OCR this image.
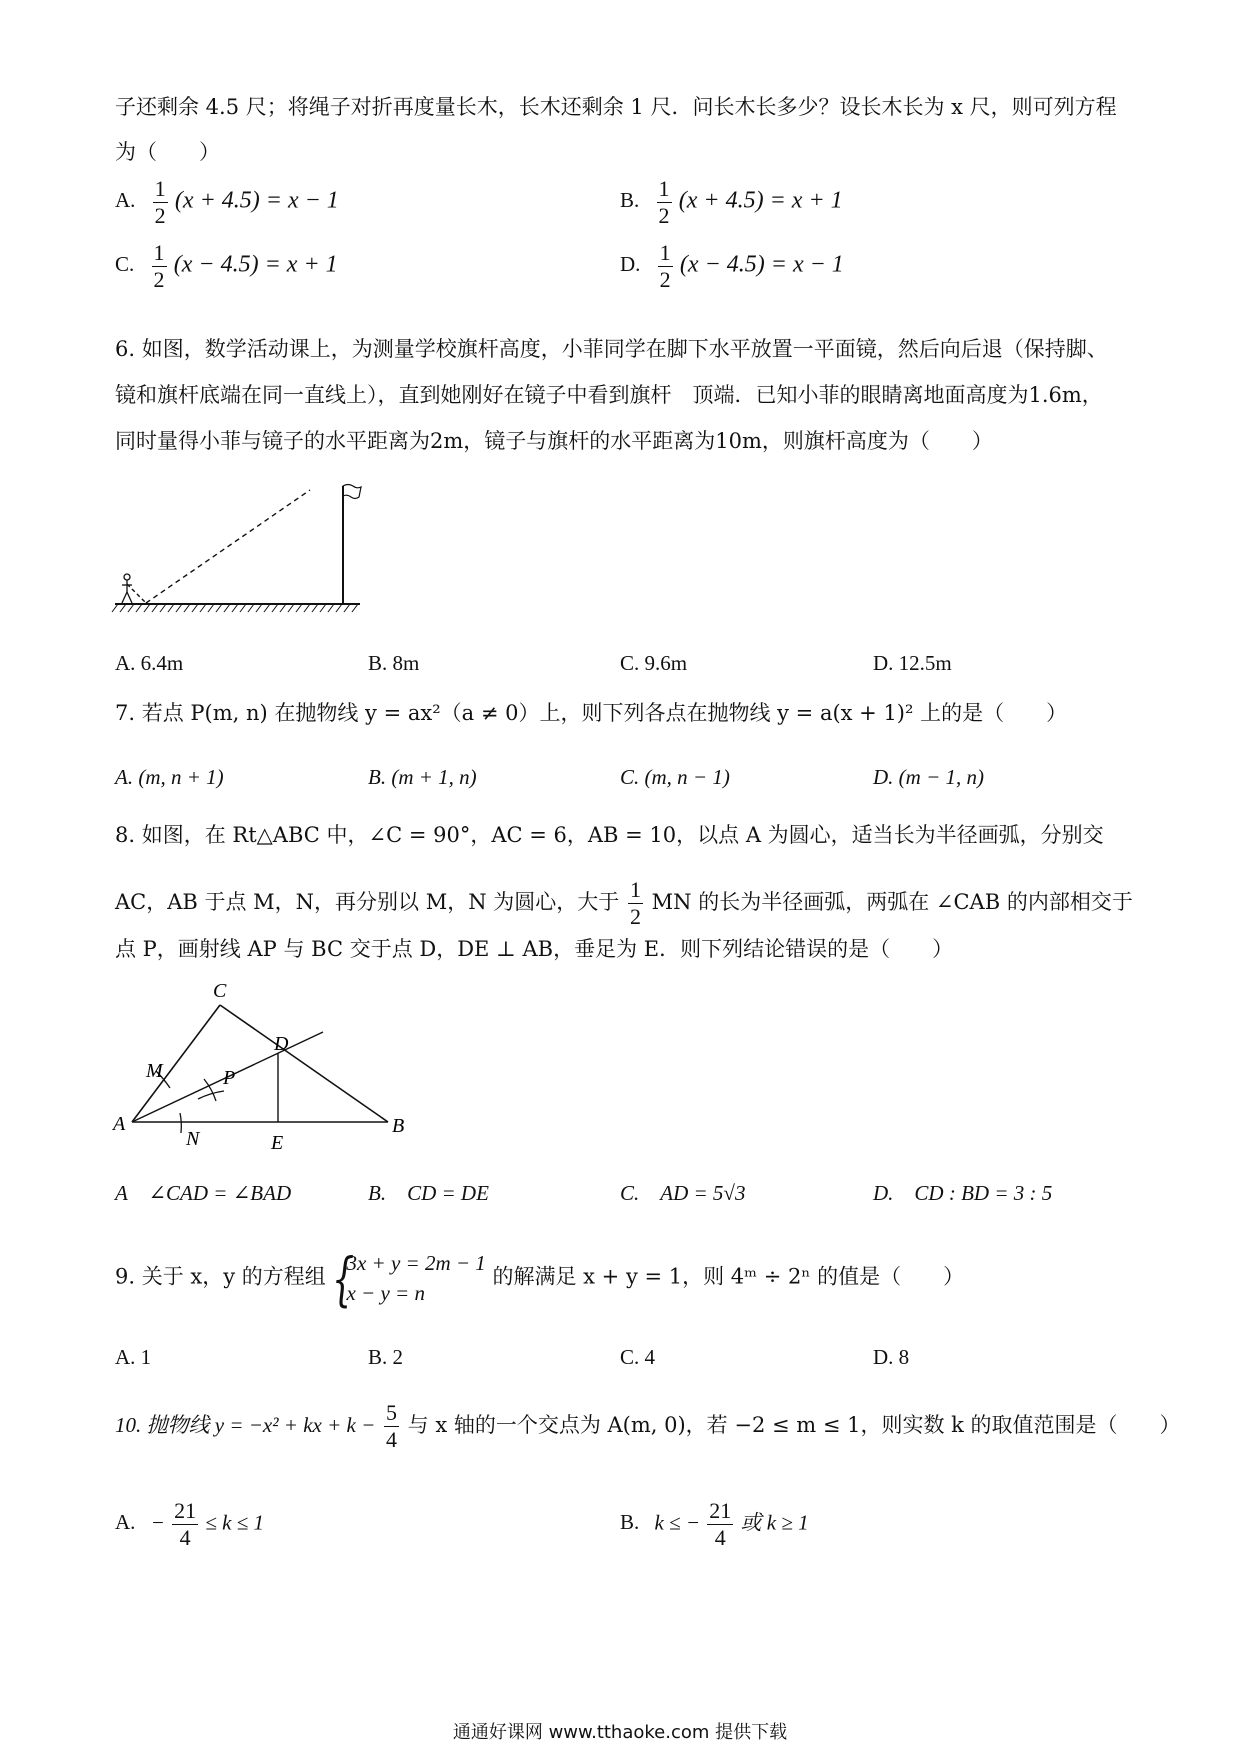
子还剩余 4.5 尺；将绳子对折再度量长木，长木还剩余 1 尺．问长木长多少？设长木长为 x 尺，则可列方程
为（　　）
A. $\frac{1}{2} (x + 4.5) = x - 1$	B. $\frac{1}{2} (x + 4.5) = x + 1$
C. $\frac{1}{2} (x - 4.5) = x + 1$	D. $\frac{1}{2} (x - 4.5) = x - 1$
6. 如图，数学活动课上，为测量学校旗杆高度，小菲同学在脚下水平放置一平面镜，然后向后退（保持脚、
镜和旗杆底端在同一直线上），直到她刚好在镜子中看到旗杆　顶端．已知小菲的眼睛离地面高度为1.6m，
同时量得小菲与镜子的水平距离为2m，镜子与旗杆的水平距离为10m，则旗杆高度为（　　）
A. 6.4m	B. 8m	C. 9.6m	D. 12.5m
7. 若点 P(m, n) 在抛物线 y = ax²（a ≠ 0）上，则下列各点在抛物线 y = a(x + 1)² 上的是（　　）
A. (m, n + 1)	B. (m + 1, n)	C. (m, n − 1)	D. (m − 1, n)
8. 如图，在 Rt△ABC 中，∠C = 90°，AC = 6，AB = 10，以点 A 为圆心，适当长为半径画弧，分别交
AC，AB 于点 M，N，再分别以 M，N 为圆心，大于 $\frac{1}{2}$ MN 的长为半径画弧，两弧在 ∠CAB 的内部相交于
点 P，画射线 AP 与 BC 交于点 D，DE ⊥ AB，垂足为 E．则下列结论错误的是（　　）
C
D
M	P
A
N	E
B
A　∠CAD = ∠BAD	B.　CD = DE	C.　AD = 5√3	D.　CD : BD = 3 : 5
9. 关于 x，y 的方程组 {
3x + y = 2m − 1
x − y = n
的解满足 x + y = 1，则 4ᵐ ÷ 2ⁿ 的值是（　　）
A. 1	B. 2	C. 4	D. 8
10. 抛物线 y = −x² + kx + $k - \frac{5}{4}$ 与 x 轴的一个交点为 A(m, 0)，若 −2 ≤ m ≤ 1，则实数 k 的取值范围是（　　）
A. − $\frac{21}{4} \le k \le 1$	B. k ≤ − $\frac{21}{4}$ 或 k ≥ 1
通通好课网 www.tthaoke.com 提供下载
